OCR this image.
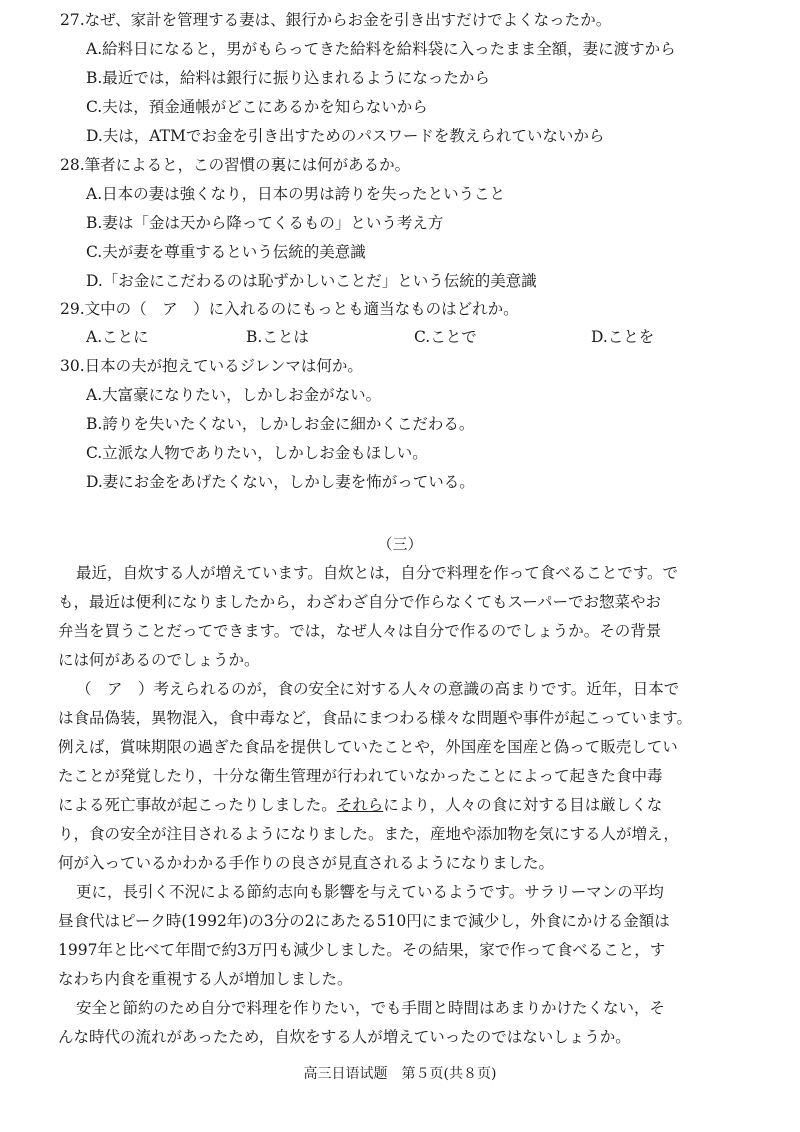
27.なぜ、家計を管理する妻は、銀行からお金を引き出すだけでよくなったか。
A.給料日になると，男がもらってきた給料を給料袋に入ったまま全額，妻に渡すから
B.最近では，給料は銀行に振り込まれるようになったから
C.夫は，預金通帳がどこにあるかを知らないから
D.夫は，ATMでお金を引き出すためのパスワードを教えられていないから
28.筆者によると，この習慣の裏には何があるか。
A.日本の妻は強くなり，日本の男は誇りを失ったということ
B.妻は「金は天から降ってくるもの」という考え方
C.夫が妻を尊重するという伝統的美意識
D.「お金にこだわるのは恥ずかしいことだ」という伝統的美意識
29.文中の（　ア　）に入れるのにもっとも適当なものはどれか。
A.ことに	B.ことは	C.ことで	D.ことを
30.日本の夫が抱えているジレンマは何か。
A.大富豪になりたい，しかしお金がない。
B.誇りを失いたくない，しかしお金に細かくこだわる。
C.立派な人物でありたい，しかしお金もほしい。
D.妻にお金をあげたくない，しかし妻を怖がっている。
（三）
最近，自炊する人が増えています。自炊とは，自分で料理を作って食べることです。で
も，最近は便利になりましたから，わざわざ自分で作らなくてもスーパーでお惣菜やお
弁当を買うことだってできます。では，なぜ人々は自分で作るのでしょうか。その背景
には何があるのでしょうか。
（　ア　）考えられるのが，食の安全に対する人々の意識の高まりです。近年，日本で
は食品偽装，異物混入，食中毒など，食品にまつわる様々な問題や事件が起こっています。
例えば，賞味期限の過ぎた食品を提供していたことや，外国産を国産と偽って販売してい
たことが発覚したり，十分な衛生管理が行われていなかったことによって起きた食中毒
による死亡事故が起こったりしました。それらにより，人々の食に対する目は厳しくな
り，食の安全が注目されるようになりました。また，産地や添加物を気にする人が増え，
何が入っているかわかる手作りの良さが見直されるようになりました。
更に，長引く不況による節約志向も影響を与えているようです。サラリーマンの平均
昼食代はピーク時(1992年)の3分の2にあたる510円にまで減少し，外食にかける金額は
1997年と比べて年間で約3万円も減少しました。その結果，家で作って食べること，す
なわち内食を重視する人が増加しました。
安全と節約のため自分で料理を作りたい，でも手間と時間はあまりかけたくない，そ
んな時代の流れがあったため，自炊をする人が増えていったのではないしょうか。
高三日语试题　第５页(共８页)
